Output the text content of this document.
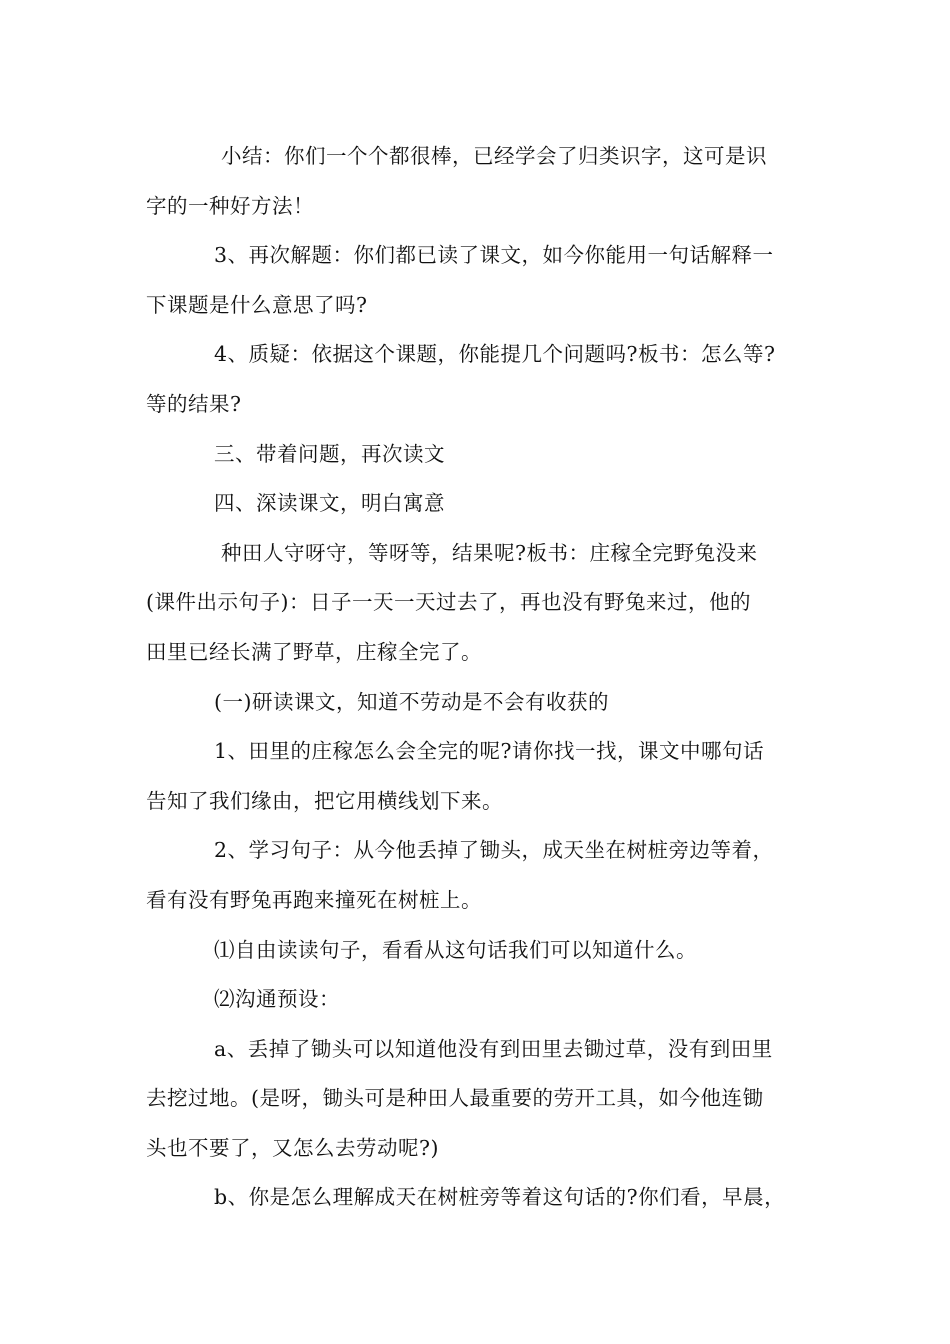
小结：你们一个个都很棒，已经学会了归类识字，这可是识
字的一种好方法！
3、再次解题：你们都已读了课文，如今你能用一句话解释一
下课题是什么意思了吗?
4、质疑：依据这个课题，你能提几个问题吗?板书：怎么等?
等的结果?
三、带着问题，再次读文
四、深读课文，明白寓意
种田人守呀守，等呀等，结果呢?板书：庄稼全完野兔没来
(课件出示句子)：日子一天一天过去了，再也没有野兔来过，他的
田里已经长满了野草，庄稼全完了。
(一)研读课文，知道不劳动是不会有收获的
1、田里的庄稼怎么会全完的呢?请你找一找，课文中哪句话
告知了我们缘由，把它用横线划下来。
2、学习句子：从今他丢掉了锄头，成天坐在树桩旁边等着，
看有没有野兔再跑来撞死在树桩上。
⑴自由读读句子，看看从这句话我们可以知道什么。
⑵沟通预设：
a、丢掉了锄头可以知道他没有到田里去锄过草，没有到田里
去挖过地。(是呀，锄头可是种田人最重要的劳开工具，如今他连锄
头也不要了，又怎么去劳动呢?)
b、你是怎么理解成天在树桩旁等着这句话的?你们看，早晨，
